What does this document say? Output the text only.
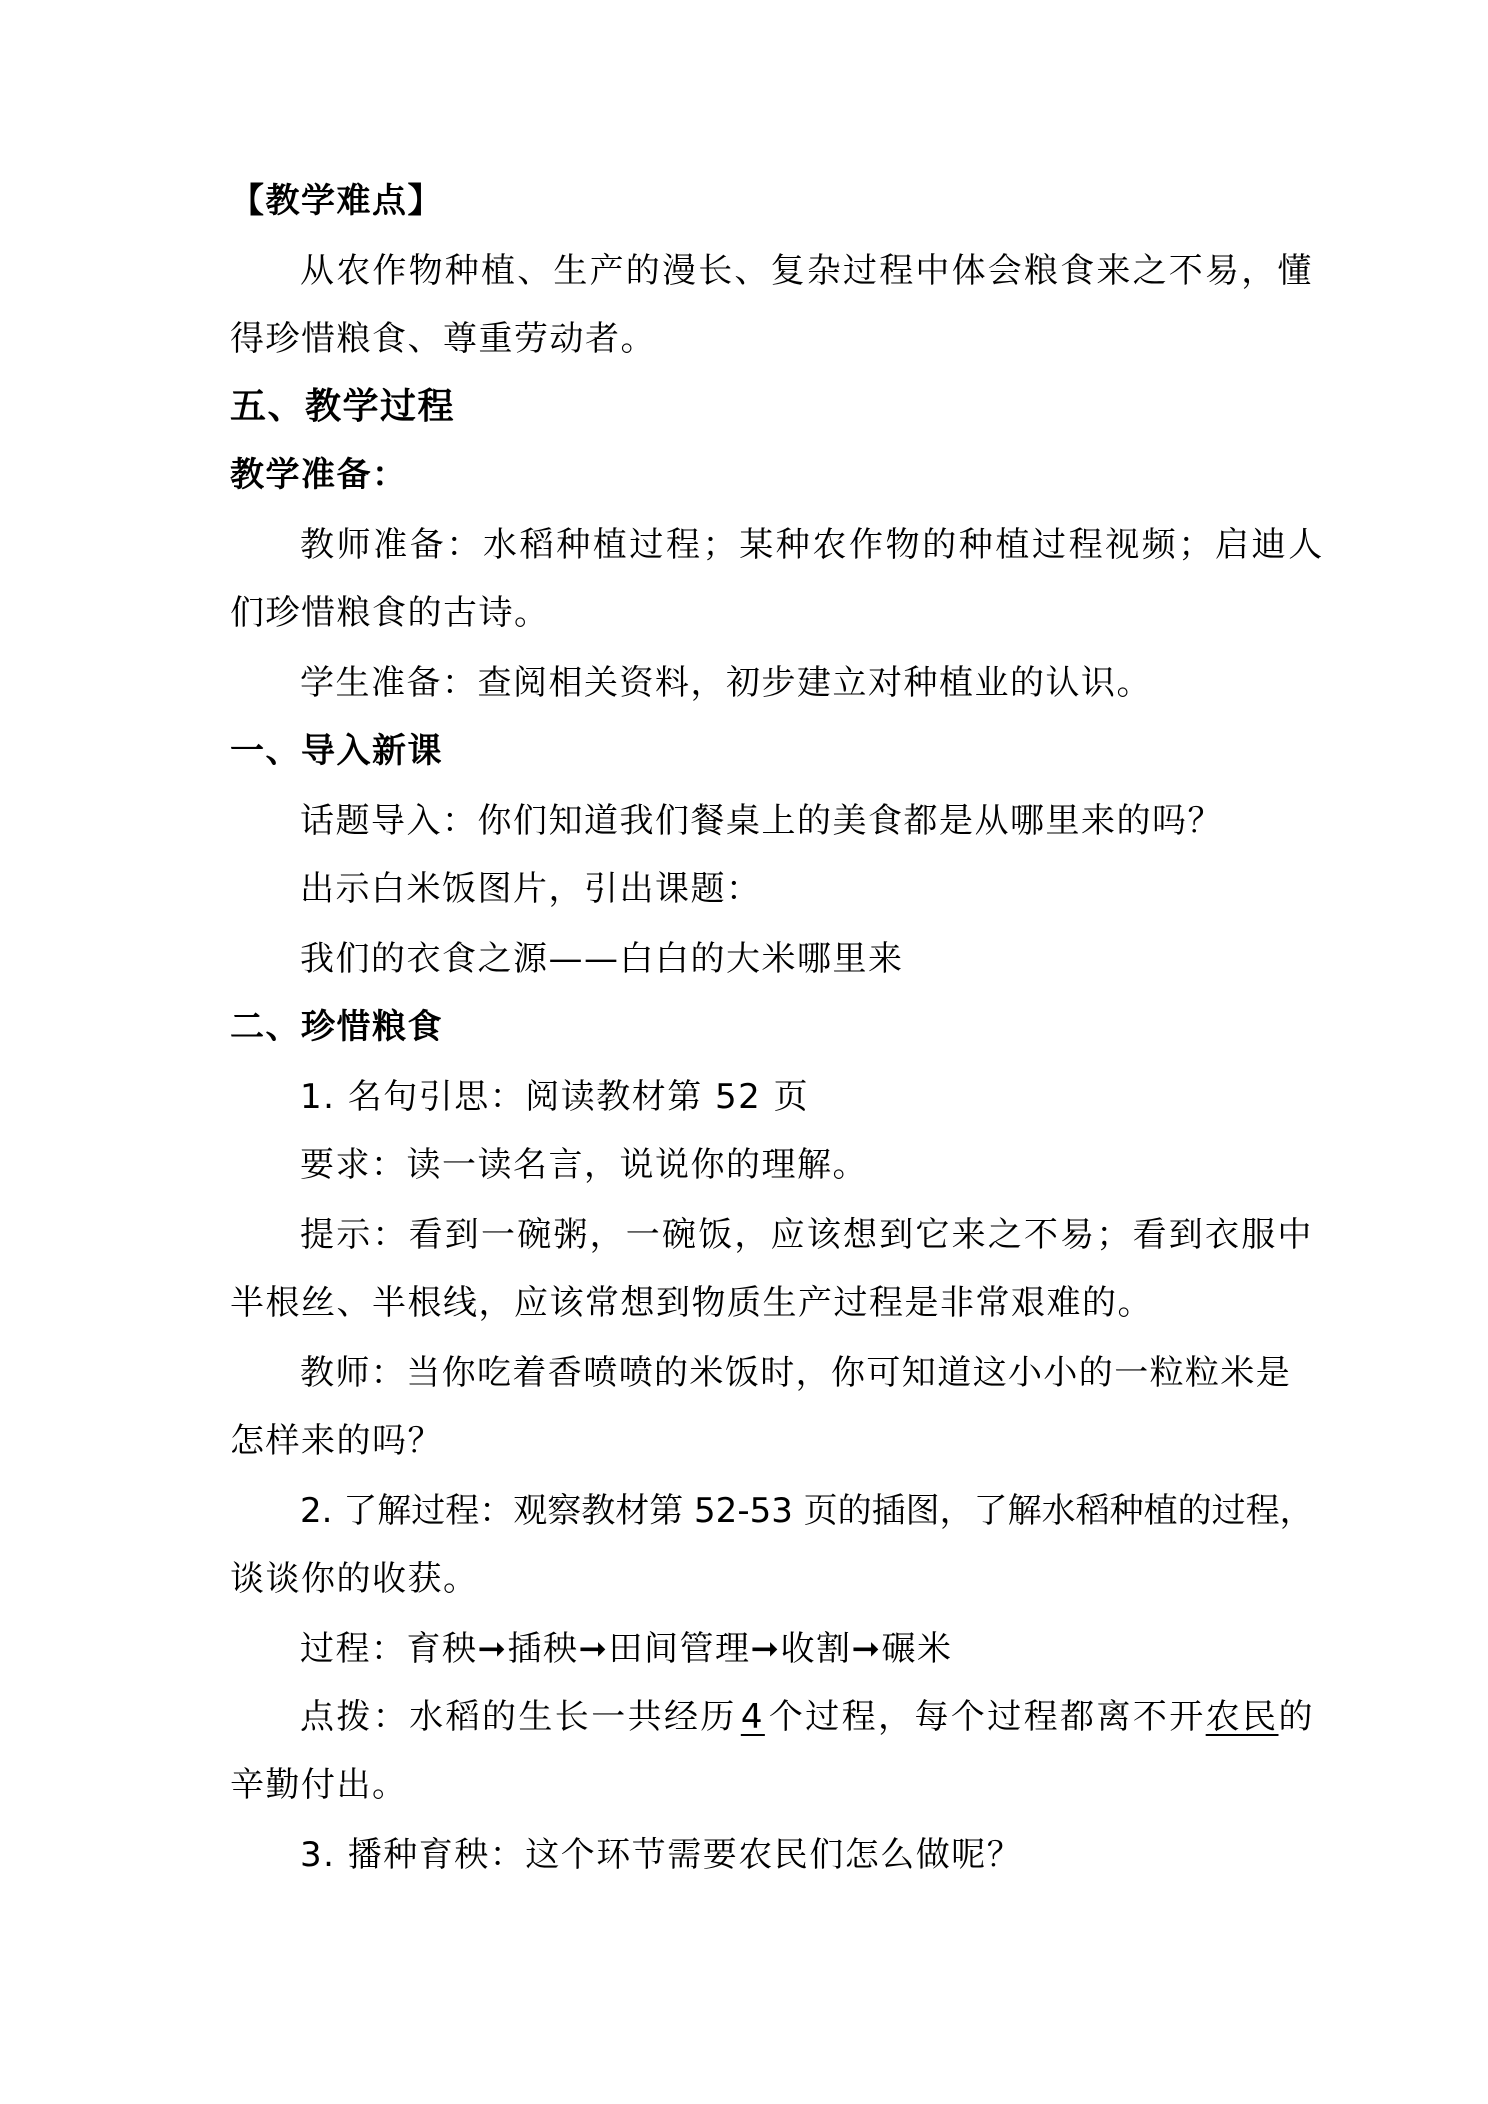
【教学难点】
从农作物种植、生产的漫长、复杂过程中体会粮食来之不易，懂
得珍惜粮食、尊重劳动者。
五、教学过程
教学准备：
教师准备：水稻种植过程；某种农作物的种植过程视频；启迪人
们珍惜粮食的古诗。
学生准备：查阅相关资料，初步建立对种植业的认识。
一、导入新课
话题导入：你们知道我们餐桌上的美食都是从哪里来的吗？
出示白米饭图片，引出课题：
我们的衣食之源——白白的大米哪里来
二、珍惜粮食
1. 名句引思：阅读教材第 52 页
要求：读一读名言，说说你的理解。
提示：看到一碗粥，一碗饭，应该想到它来之不易；看到衣服中
半根丝、半根线，应该常想到物质生产过程是非常艰难的。
教师：当你吃着香喷喷的米饭时，你可知道这小小的一粒粒米是
怎样来的吗？
2. 了解过程：观察教材第 52-53 页的插图，了解水稻种植的过程，
谈谈你的收获。
过程：育秧➞插秧➞田间管理➞收割➞碾米
点拨：水稻的生长一共经历 4 个过程，每个过程都离不开农民的
辛勤付出。
3. 播种育秧：这个环节需要农民们怎么做呢？
